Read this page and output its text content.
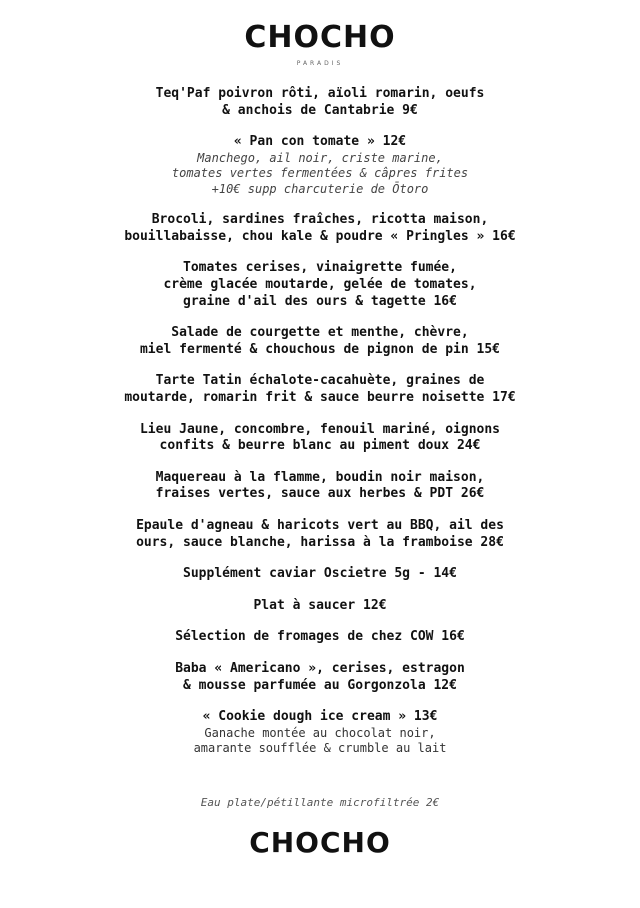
CHOCHO
PARADIS
Teq'Paf poivron rôti, aïoli romarin, oeufs
& anchois de Cantabrie 9€
« Pan con tomate » 12€
Manchego, ail noir, criste marine,
tomates vertes fermentées & câpres frites
+10€ supp charcuterie de Ōtoro
Brocoli, sardines fraîches, ricotta maison,
bouillabaisse, chou kale & poudre « Pringles » 16€
Tomates cerises, vinaigrette fumée,
crème glacée moutarde, gelée de tomates,
graine d'ail des ours & tagette 16€
Salade de courgette et menthe, chèvre,
miel fermenté & chouchous de pignon de pin 15€
Tarte Tatin échalote-cacahuète, graines de
moutarde, romarin frit & sauce beurre noisette 17€
Lieu Jaune, concombre, fenouil mariné, oignons
confits & beurre blanc au piment doux 24€
Maquereau à la flamme, boudin noir maison,
fraises vertes, sauce aux herbes & PDT 26€
Epaule d'agneau & haricots vert au BBQ, ail des
ours, sauce blanche, harissa à la framboise 28€
Supplément caviar Oscietre 5g - 14€
Plat à saucer 12€
Sélection de fromages de chez COW 16€
Baba « Americano », cerises, estragon
& mousse parfumée au Gorgonzola 12€
« Cookie dough ice cream » 13€
Ganache montée au chocolat noir,
amarante soufflée & crumble au lait
Eau plate/pétillante microfiltrée 2€
CHOCHO
